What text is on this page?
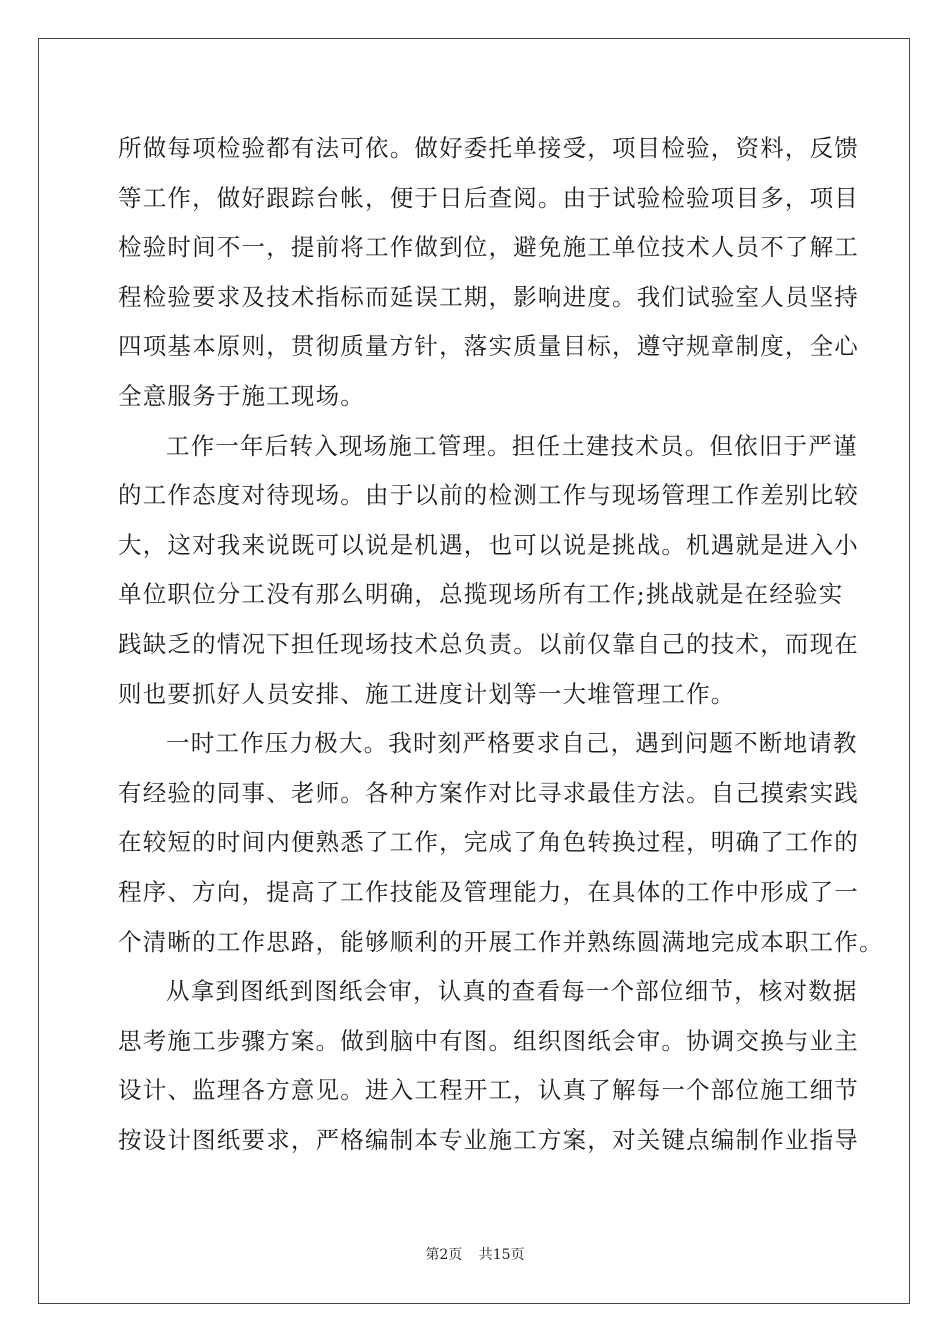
所做每项检验都有法可依。做好委托单接受，项目检验，资料，反馈
等工作，做好跟踪台帐，便于日后查阅。由于试验检验项目多，项目
检验时间不一，提前将工作做到位，避免施工单位技术人员不了解工
程检验要求及技术指标而延误工期，影响进度。我们试验室人员坚持
四项基本原则，贯彻质量方针，落实质量目标，遵守规章制度，全心
全意服务于施工现场。
工作一年后转入现场施工管理。担任土建技术员。但依旧于严谨
的工作态度对待现场。由于以前的检测工作与现场管理工作差别比较
大，这对我来说既可以说是机遇，也可以说是挑战。机遇就是进入小
单位职位分工没有那么明确，总揽现场所有工作;挑战就是在经验实
践缺乏的情况下担任现场技术总负责。以前仅靠自己的技术，而现在
则也要抓好人员安排、施工进度计划等一大堆管理工作。
一时工作压力极大。我时刻严格要求自己，遇到问题不断地请教
有经验的同事、老师。各种方案作对比寻求最佳方法。自己摸索实践
在较短的时间内便熟悉了工作，完成了角色转换过程，明确了工作的
程序、方向，提高了工作技能及管理能力，在具体的工作中形成了一
个清晰的工作思路，能够顺利的开展工作并熟练圆满地完成本职工作。
从拿到图纸到图纸会审，认真的查看每一个部位细节，核对数据
思考施工步骤方案。做到脑中有图。组织图纸会审。协调交换与业主
设计、监理各方意见。进入工程开工，认真了解每一个部位施工细节
按设计图纸要求，严格编制本专业施工方案，对关键点编制作业指导
第2页 共15页
